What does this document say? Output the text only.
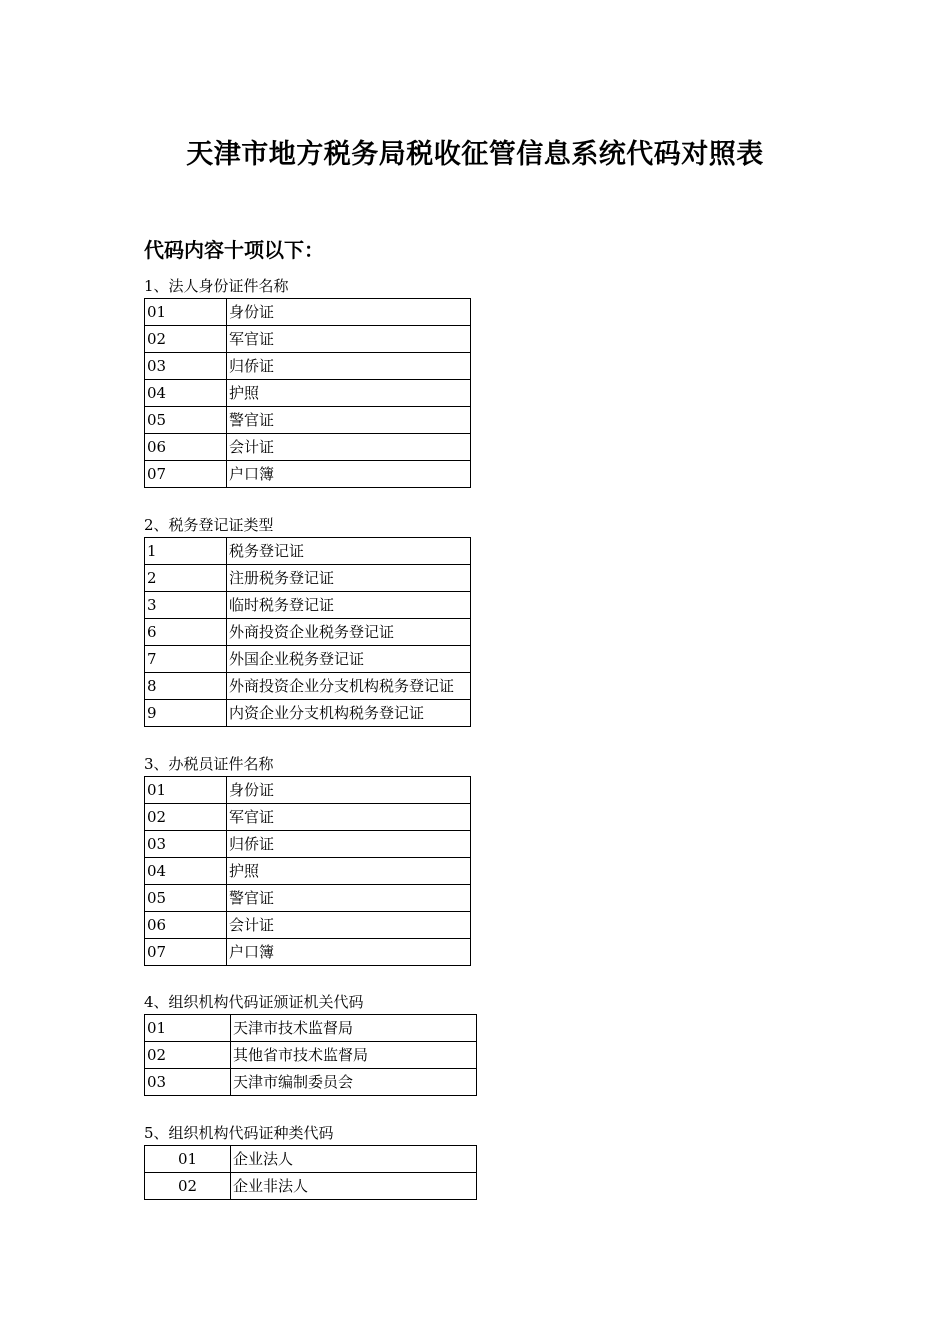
天津市地方税务局税收征管信息系统代码对照表
代码内容十项以下：
1、法人身份证件名称
01	身份证
02	军官证
03	归侨证
04	护照
05	警官证
06	会计证
07	户口簿
2、税务登记证类型
1	税务登记证
2	注册税务登记证
3	临时税务登记证
6	外商投资企业税务登记证
7	外国企业税务登记证
8	外商投资企业分支机构税务登记证
9	内资企业分支机构税务登记证
3、办税员证件名称
01	身份证
02	军官证
03	归侨证
04	护照
05	警官证
06	会计证
07	户口簿
4、组织机构代码证颁证机关代码
01	天津市技术监督局
02	其他省市技术监督局
03	天津市编制委员会
5、组织机构代码证种类代码
01	企业法人
02	企业非法人
